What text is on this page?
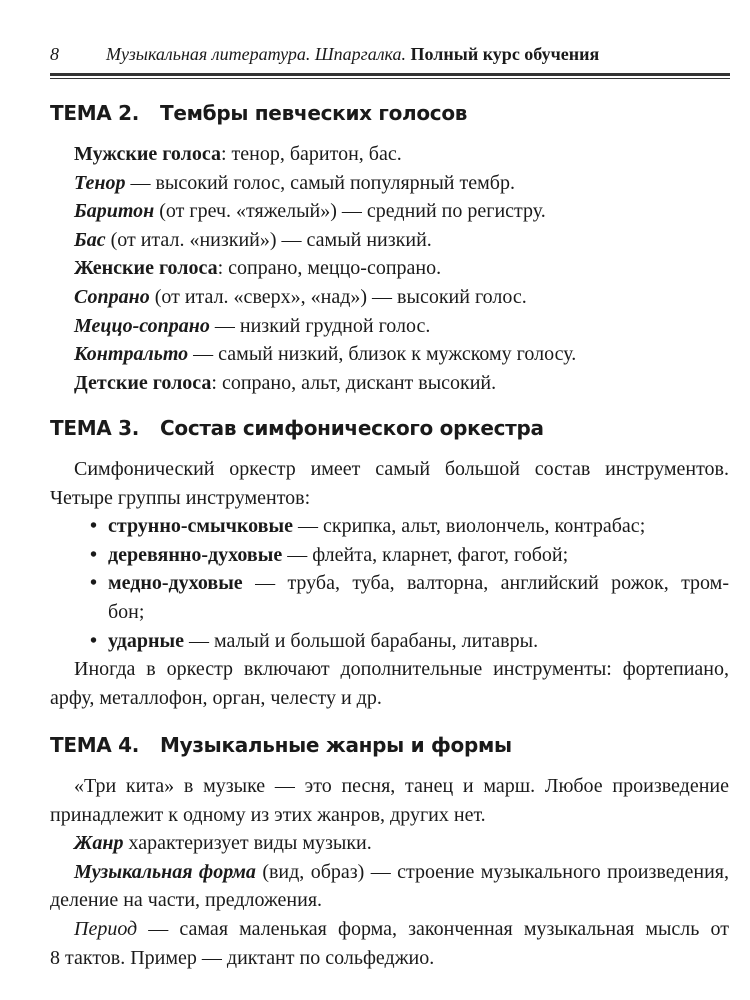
8	Музыкальная литература. Шпаргалка. Полный курс обучения
ТЕМА 2. Тембры певческих голосов
Мужские голоса: тенор, баритон, бас.
Тенор — высокий голос, самый популярный тембр.
Баритон (от греч. «тяжелый») — средний по регистру.
Бас (от итал. «низкий») — самый низкий.
Женские голоса: сопрано, меццо-сопрано.
Сопрано (от итал. «сверх», «над») — высокий голос.
Меццо-сопрано — низкий грудной голос.
Контральто — самый низкий, близок к мужскому голосу.
Детские голоса: сопрано, альт, дискант высокий.
ТЕМА 3. Состав симфонического оркестра
Симфонический оркестр имеет самый большой состав инструментов.
Четыре группы инструментов:
• струнно-смычковые — скрипка, альт, виолончель, контрабас;
• деревянно-духовые — флейта, кларнет, фагот, гобой;
• медно-духовые — труба, туба, валторна, английский рожок, тром-
бон;
• ударные — малый и большой барабаны, литавры.
Иногда в оркестр включают дополнительные инструменты: фортепиано,
арфу, металлофон, орган, челесту и др.
ТЕМА 4. Музыкальные жанры и формы
«Три кита» в музыке — это песня, танец и марш. Любое произведение
принадлежит к одному из этих жанров, других нет.
Жанр характеризует виды музыки.
Музыкальная форма (вид, образ) — строение музыкального произведения,
деление на части, предложения.
Период — самая маленькая форма, законченная музыкальная мысль от
8 тактов. Пример — диктант по сольфеджио.
